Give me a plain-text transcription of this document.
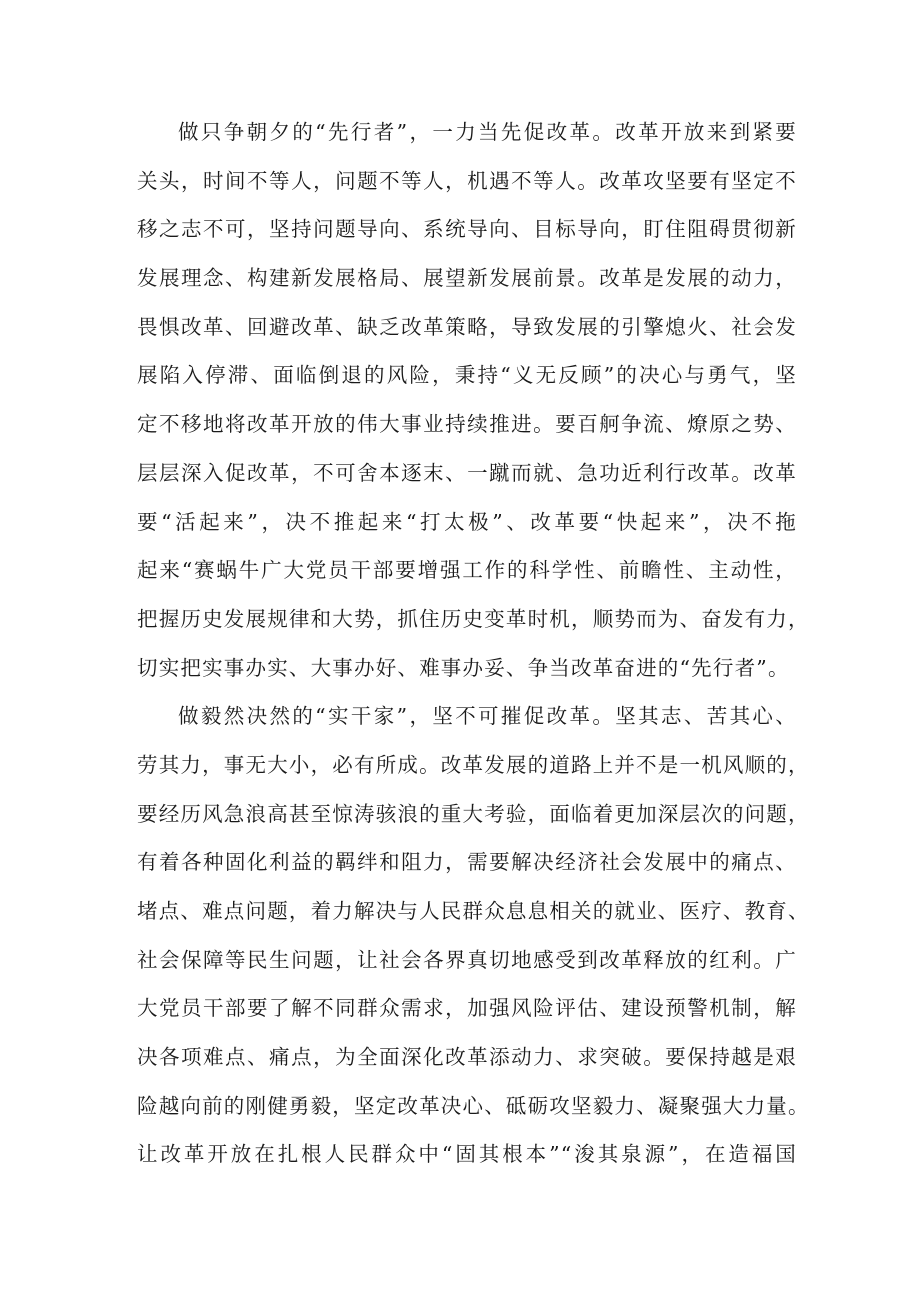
做只争朝夕的“先行者”，一力当先促改革。改革开放来到紧要
关头，时间不等人，问题不等人，机遇不等人。改革攻坚要有坚定不
移之志不可，坚持问题导向、系统导向、目标导向，盯住阻碍贯彻新
发展理念、构建新发展格局、展望新发展前景。改革是发展的动力，
畏惧改革、回避改革、缺乏改革策略，导致发展的引擎熄火、社会发
展陷入停滞、面临倒退的风险，秉持“义无反顾”的决心与勇气，坚
定不移地将改革开放的伟大事业持续推进。要百舸争流、燎原之势、
层层深入促改革，不可舍本逐末、一蹴而就、急功近利行改革。改革
要“活起来”，决不推起来“打太极”、改革要“快起来”，决不拖
起来“赛蜗牛广大党员干部要增强工作的科学性、前瞻性、主动性，
把握历史发展规律和大势，抓住历史变革时机，顺势而为、奋发有力，
切实把实事办实、大事办好、难事办妥、争当改革奋进的“先行者”。
做毅然决然的“实干家”，坚不可摧促改革。坚其志、苦其心、
劳其力，事无大小，必有所成。改革发展的道路上并不是一机风顺的，
要经历风急浪高甚至惊涛骇浪的重大考验，面临着更加深层次的问题，
有着各种固化利益的羁绊和阻力，需要解决经济社会发展中的痛点、
堵点、难点问题，着力解决与人民群众息息相关的就业、医疗、教育、
社会保障等民生问题，让社会各界真切地感受到改革释放的红利。广
大党员干部要了解不同群众需求，加强风险评估、建设预警机制，解
决各项难点、痛点，为全面深化改革添动力、求突破。要保持越是艰
险越向前的刚健勇毅，坚定改革决心、砥砺攻坚毅力、凝聚强大力量。
让改革开放在扎根人民群众中“固其根本”“浚其泉源”，在造福国
